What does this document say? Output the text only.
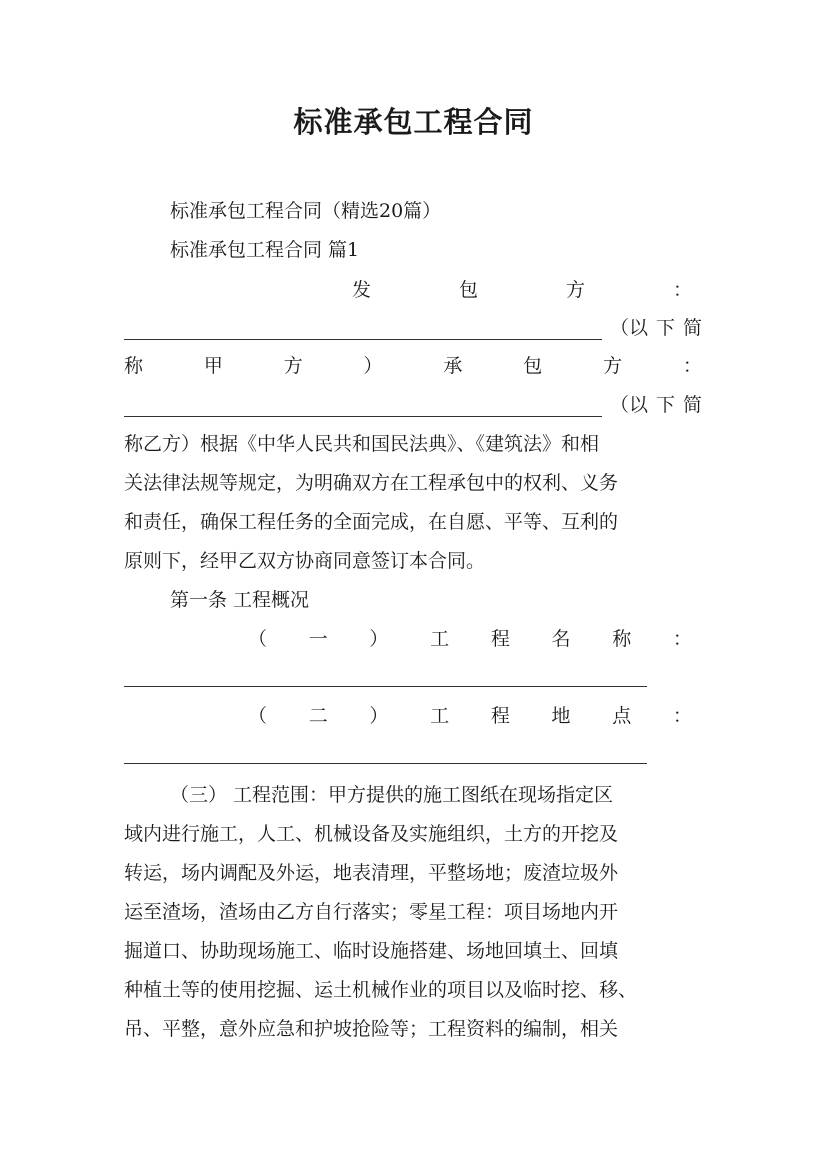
标准承包工程合同
标准承包工程合同（精选20篇）
标准承包工程合同 篇1
发	包	方	：
（以 下 简
称	甲	方	）	承	包	方	：
（以 下 简
称乙方）根据《中华人民共和国民法典》、《建筑法》和相
关法律法规等规定，为明确双方在工程承包中的权利、义务
和责任，确保工程任务的全面完成，在自愿、平等、互利的
原则下，经甲乙双方协商同意签订本合同。
第一条 工程概况
（ 一 ） 工 程 名 称 ：
（ 二 ） 工 程 地 点 ：
（三） 工程范围：甲方提供的施工图纸在现场指定区
域内进行施工，人工、机械设备及实施组织，土方的开挖及
转运，场内调配及外运，地表清理，平整场地；废渣垃圾外
运至渣场，渣场由乙方自行落实；零星工程：项目场地内开
掘道口、协助现场施工、临时设施搭建、场地回填土、回填
种植土等的使用挖掘、运土机械作业的项目以及临时挖、移、
吊、平整，意外应急和护坡抢险等；工程资料的编制，相关
